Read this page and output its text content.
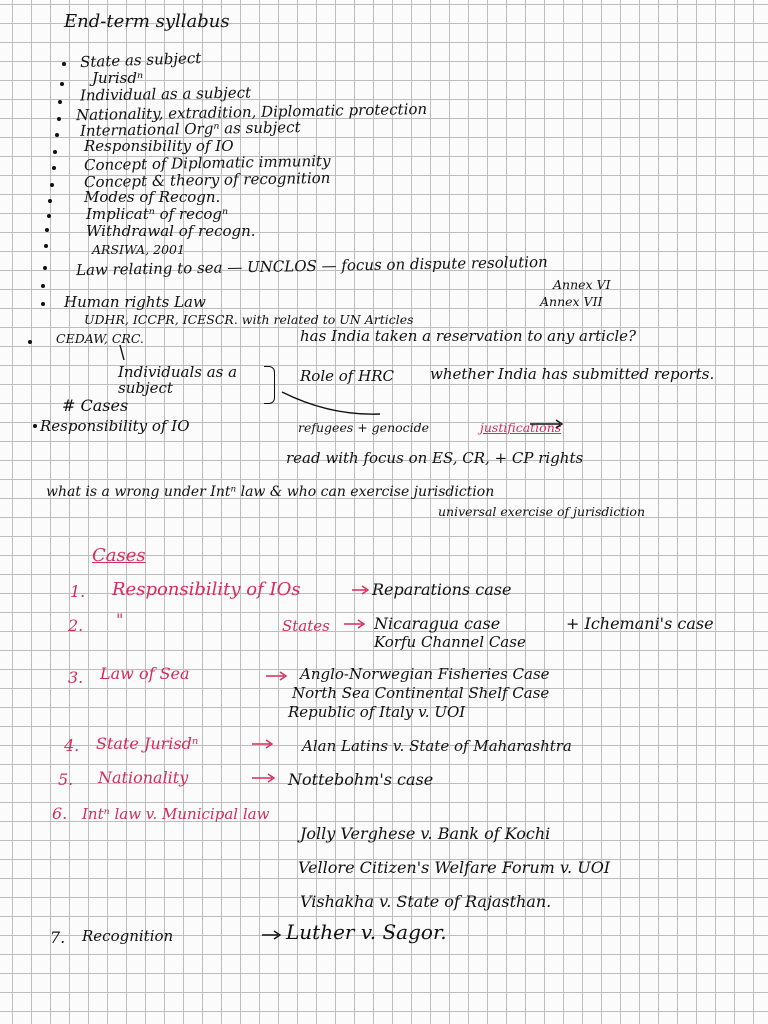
End-term syllabus
State as subject
Jurisdⁿ
Individual as a subject
Nationality, extradition, Diplomatic protection
International Orgⁿ as subject
Responsibility of IO
Concept of Diplomatic immunity
Concept & theory of recognition
Modes of Recogn.
Implicatⁿ of recogⁿ
Withdrawal of recogn.
ARSIWA, 2001
Law relating to sea — UNCLOS — focus on dispute resolution
Annex VI
Annex VII
Human rights Law
UDHR, ICCPR, ICESCR. with related to UN Articles
CEDAW, CRC.	has India taken a reservation to any article?
Individuals as a subject
Role of HRC whether India has submitted reports.
# Cases
Responsibility of IO	refugees + genocide	justifications
read with focus on ES, CR, + CP rights
what is a wrong under Intⁿ law & who can exercise jurisdiction
universal exercise of jurisdiction
Cases
1. Responsibility of IOs	Reparations case
2. "	States	Nicaragua case	+ Ichemani's case
Korfu Channel Case
3. Law of Sea	Anglo-Norwegian Fisheries Case
North Sea Continental Shelf Case
Republic of Italy v. UOI
4. State Jurisdⁿ	Alan Latins v. State of Maharashtra
5. Nationality	Nottebohm's case
6. Intⁿ law v. Municipal law
Jolly Verghese v. Bank of Kochi
Vellore Citizen's Welfare Forum v. UOI
Vishakha v. State of Rajasthan.
7. Recognition	Luther v. Sagor.
